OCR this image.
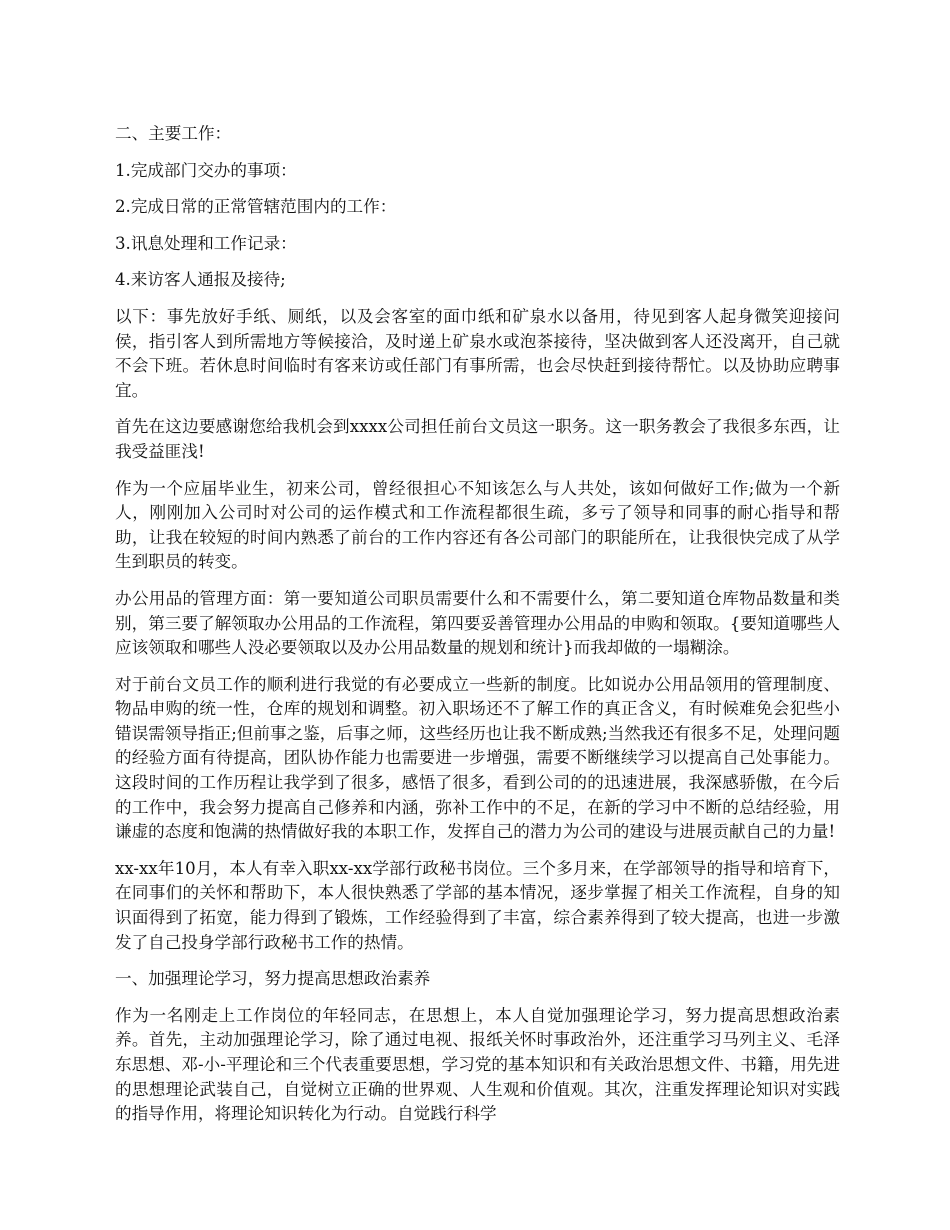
二、主要工作：

1.完成部门交办的事项：

2.完成日常的正常管辖范围内的工作：

3.讯息处理和工作记录：

4.来访客人通报及接待;

以下：事先放好手纸、厕纸，以及会客室的面巾纸和矿泉水以备用，待见到客人起身微笑迎接问侯，指引客人到所需地方等候接洽，及时递上矿泉水或泡茶接待，坚决做到客人还没离开，自己就不会下班。若休息时间临时有客来访或任部门有事所需，也会尽快赶到接待帮忙。以及协助应聘事宜。

首先在这边要感谢您给我机会到xxxx公司担任前台文员这一职务。这一职务教会了我很多东西，让我受益匪浅!

作为一个应届毕业生，初来公司，曾经很担心不知该怎么与人共处，该如何做好工作;做为一个新人，刚刚加入公司时对公司的运作模式和工作流程都很生疏，多亏了领导和同事的耐心指导和帮助，让我在较短的时间内熟悉了前台的工作内容还有各公司部门的职能所在，让我很快完成了从学生到职员的转变。

办公用品的管理方面：第一要知道公司职员需要什么和不需要什么，第二要知道仓库物品数量和类别，第三要了解领取办公用品的工作流程，第四要妥善管理办公用品的申购和领取。{要知道哪些人应该领取和哪些人没必要领取以及办公用品数量的规划和统计}而我却做的一塌糊涂。

对于前台文员工作的顺利进行我觉的有必要成立一些新的制度。比如说办公用品领用的管理制度、物品申购的统一性，仓库的规划和调整。初入职场还不了解工作的真正含义，有时候难免会犯些小错误需领导指正;但前事之鉴，后事之师，这些经历也让我不断成熟;当然我还有很多不足，处理问题的经验方面有待提高，团队协作能力也需要进一步增强，需要不断继续学习以提高自己处事能力。这段时间的工作历程让我学到了很多，感悟了很多，看到公司的的迅速进展，我深感骄傲，在今后的工作中，我会努力提高自己修养和内涵，弥补工作中的不足，在新的学习中不断的总结经验，用谦虚的态度和饱满的热情做好我的本职工作，发挥自己的潜力为公司的建设与进展贡献自己的力量!

xx-xx年10月，本人有幸入职xx-xx学部行政秘书岗位。三个多月来，在学部领导的指导和培育下，在同事们的关怀和帮助下，本人很快熟悉了学部的基本情况，逐步掌握了相关工作流程，自身的知识面得到了拓宽，能力得到了锻炼，工作经验得到了丰富，综合素养得到了较大提高，也进一步激发了自己投身学部行政秘书工作的热情。

一、加强理论学习，努力提高思想政治素养

作为一名刚走上工作岗位的年轻同志，在思想上，本人自觉加强理论学习，努力提高思想政治素养。首先，主动加强理论学习，除了通过电视、报纸关怀时事政治外，还注重学习马列主义、毛泽东思想、邓-小-平理论和三个代表重要思想，学习党的基本知识和有关政治思想文件、书籍，用先进的思想理论武装自己，自觉树立正确的世界观、人生观和价值观。其次，注重发挥理论知识对实践的指导作用，将理论知识转化为行动。自觉践行科学
